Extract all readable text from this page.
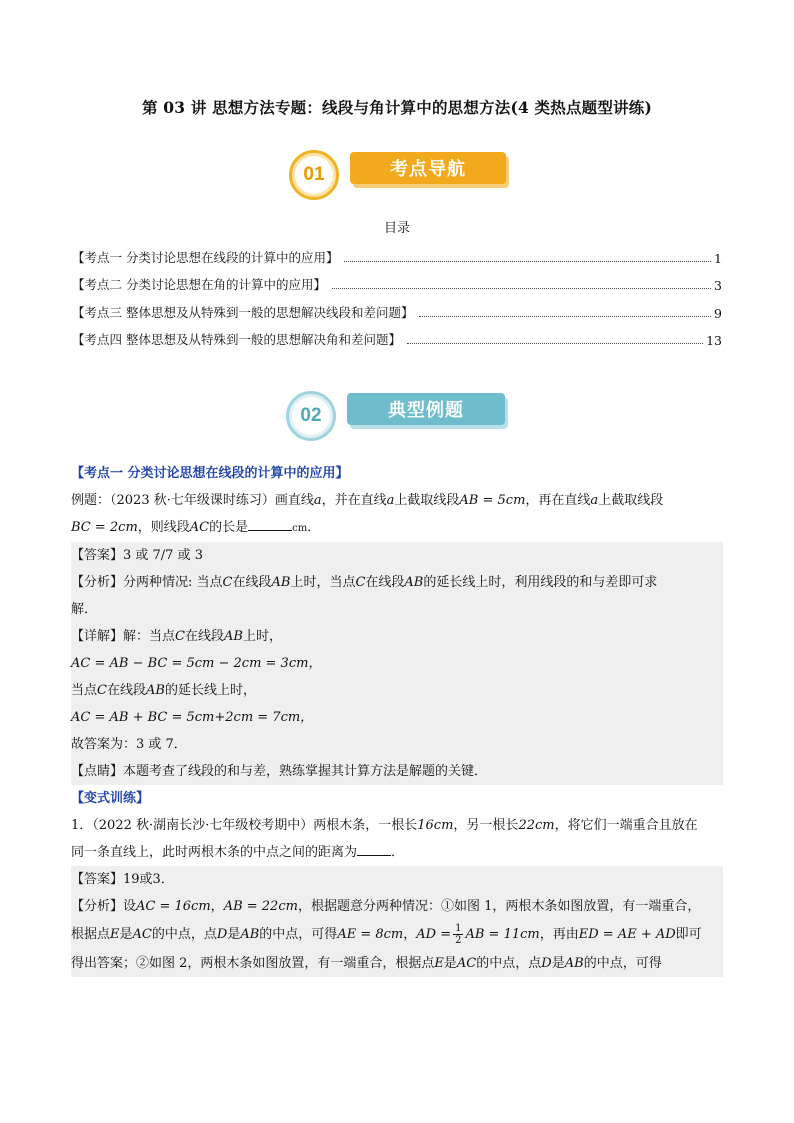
第 03 讲 思想方法专题：线段与角计算中的思想方法(4 类热点题型讲练)
01	考点导航
目录
【考点一 分类讨论思想在线段的计算中的应用】	1
【考点二 分类讨论思想在角的计算中的应用】	3
【考点三 整体思想及从特殊到一般的思想解决线段和差问题】	9
【考点四 整体思想及从特殊到一般的思想解决角和差问题】	13
02	典型例题
【考点一 分类讨论思想在线段的计算中的应用】
例题：（2023 秋·七年级课时练习）画直线a，并在直线a上截取线段AB = 5cm，再在直线a上截取线段
BC = 2cm，则线段AC的长是	cm．
【答案】3 或 7/7 或 3
【分析】分两种情况: 当点C在线段AB上时，当点C在线段AB的延长线上时，利用线段的和与差即可求
解．
【详解】解：当点C在线段AB上时，
AC = AB − BC = 5cm − 2cm = 3cm，
当点C在线段AB的延长线上时，
AC = AB + BC = 5cm+2cm = 7cm，
故答案为：3 或 7．
【点睛】本题考查了线段的和与差，熟练掌握其计算方法是解题的关键．
【变式训练】
1．（2022 秋·湖南长沙·七年级校考期中）两根木条，一根长16cm，另一根长22cm，将它们一端重合且放在
同一条直线上，此时两根木条的中点之间的距离为	．
【答案】19或3．
【分析】设AC = 16cm，AB = 22cm，根据题意分两种情况：①如图 1，两根木条如图放置，有一端重合，
根据点E是AC的中点，点D是AB的中点，可得AE = 8cm，AD = $\frac{1}{2}$ AB = 11cm，再由ED = AE + AD即可
得出答案；②如图 2，两根木条如图放置，有一端重合，根据点E是AC的中点，点D是AB的中点，可得
